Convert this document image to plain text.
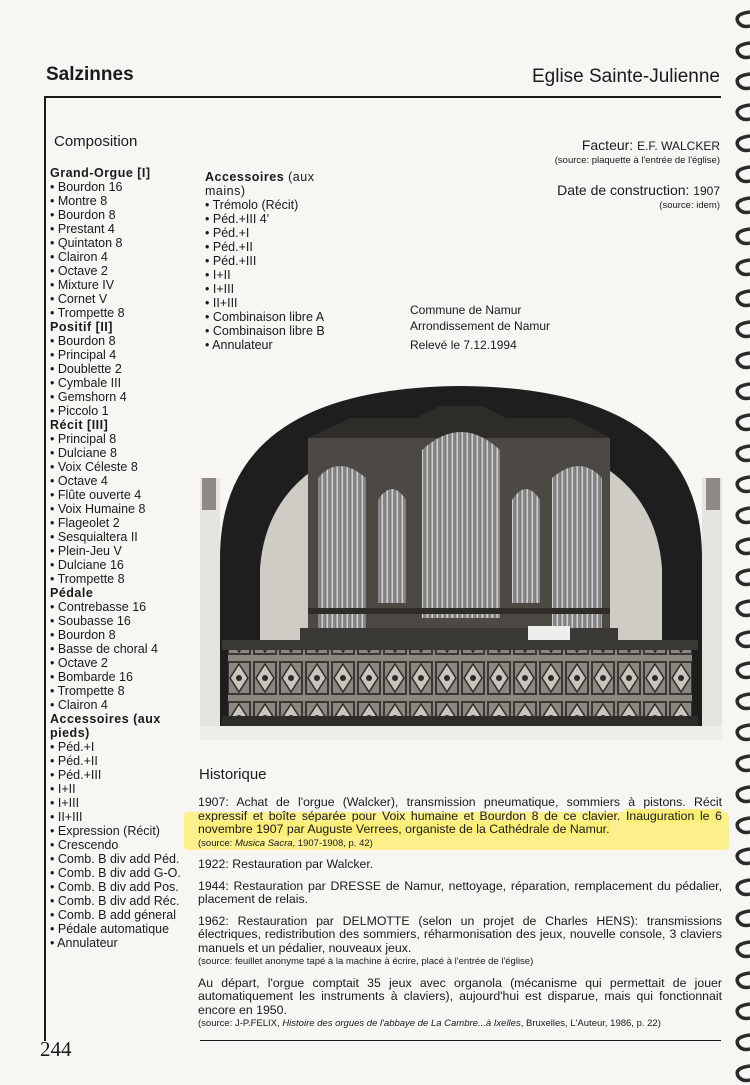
Salzinnes	Eglise Sainte-Julienne
Composition
Grand-Orgue [I]
• Bourdon 16
• Montre 8
• Bourdon 8
• Prestant 4
• Quintaton 8
• Clairon 4
• Octave 2
• Mixture IV
• Cornet V
• Trompette 8
Positif [II]
• Bourdon 8
• Principal 4
• Doublette 2
• Cymbale III
• Gemshorn 4
• Piccolo 1
Récit [III]
• Principal 8
• Dulciane 8
• Voix Céleste 8
• Octave 4
• Flûte ouverte 4
• Voix Humaine 8
• Flageolet 2
• Sesquialtera II
• Plein-Jeu V
• Dulciane 16
• Trompette 8
Pédale
• Contrebasse 16
• Soubasse 16
• Bourdon 8
• Basse de choral 4
• Octave 2
• Bombarde 16
• Trompette 8
• Clairon 4
Accessoires (aux pieds)
• Péd.+I
• Péd.+II
• Péd.+III
• I+II
• I+III
• II+III
• Expression (Récit)
• Crescendo
• Comb. B div add Péd.
• Comb. B div add G-O.
• Comb. B div add Pos.
• Comb. B div add Réc.
• Comb. B add géneral
• Pédale automatique
• Annulateur
Accessoires (aux mains)
• Trémolo (Récit)
• Péd.+III 4'
• Péd.+I
• Péd.+II
• Péd.+III
• I+II
• I+III
• II+III
• Combinaison libre A
• Combinaison libre B
• Annulateur
Facteur: E.F. WALCKER
(source: plaquette à l'entrée de l'église)
Date de construction: 1907
(source: idem)
Commune de Namur
Arrondissement de Namur
Relevé le 7.12.1994
Historique

1907: Achat de l'orgue (Walcker), transmission pneumatique, sommiers à pistons. Récit expressif et boîte séparée pour Voix humaine et Bourdon 8 de ce clavier. Inauguration le 6 novembre 1907 par Auguste Verrees, organiste de la Cathédrale de Namur.
(source: Musica Sacra, 1907-1908, p. 42)

1922: Restauration par Walcker.

1944: Restauration par DRESSE de Namur, nettoyage, réparation, remplacement du pédalier, placement de relais.

1962: Restauration par DELMOTTE (selon un projet de Charles HENS): transmissions électriques, redistribution des sommiers, réharmonisation des jeux, nouvelle console, 3 claviers manuels et un pédalier, nouveaux jeux.
(source: feuillet anonyme tapé à la machine à écrire, placé à l'entrée de l'église)

Au départ, l'orgue comptait 35 jeux avec organola (mécanisme qui permettait de jouer automatiquement les instruments à claviers), aujourd'hui est disparue, mais qui fonctionnait encore en 1950.
(source: J-P.FELIX, Histoire des orgues de l'abbaye de La Cambre...à Ixelles, Bruxelles, L'Auteur, 1986, p. 22)

244
